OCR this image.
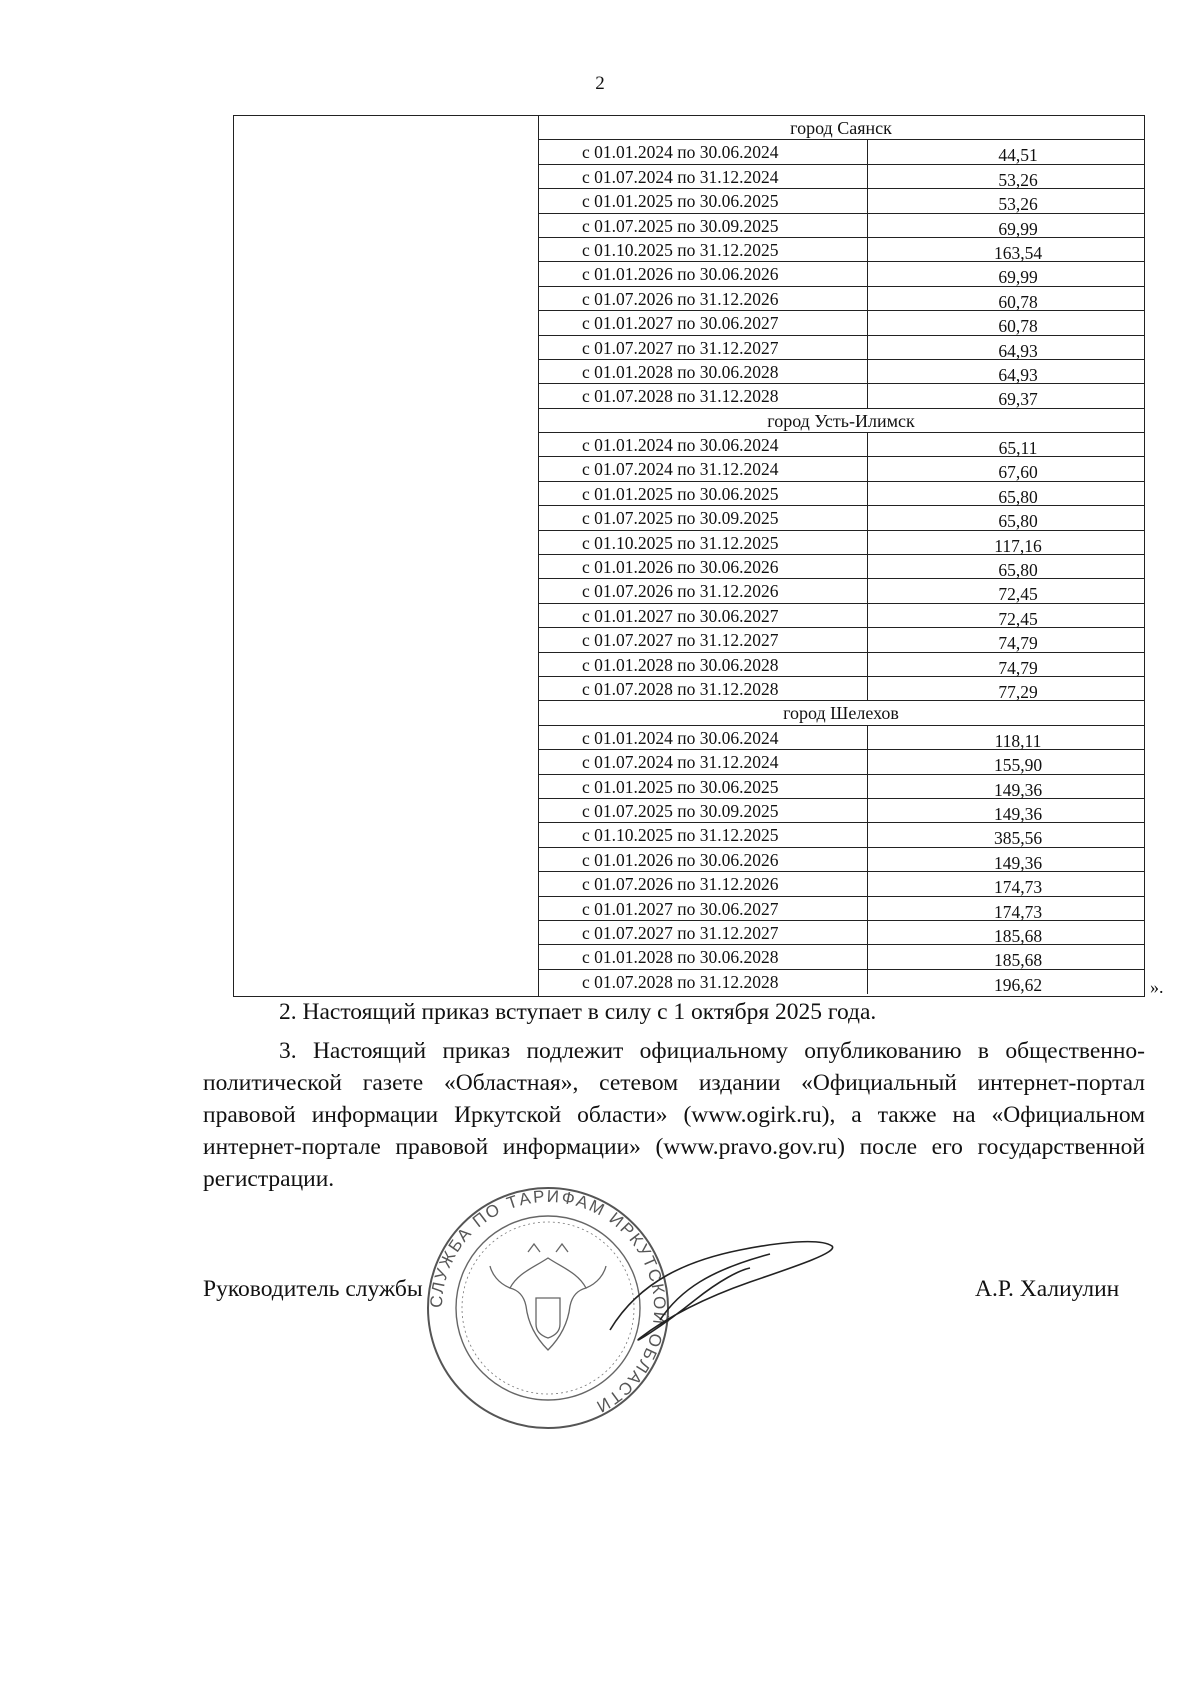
2
город Саянск
с 01.01.2024 по 30.06.2024	44,51
с 01.07.2024 по 31.12.2024	53,26
с 01.01.2025 по 30.06.2025	53,26
с 01.07.2025 по 30.09.2025	69,99
с 01.10.2025 по 31.12.2025	163,54
с 01.01.2026 по 30.06.2026	69,99
с 01.07.2026 по 31.12.2026	60,78
с 01.01.2027 по 30.06.2027	60,78
с 01.07.2027 по 31.12.2027	64,93
с 01.01.2028 по 30.06.2028	64,93
с 01.07.2028 по 31.12.2028	69,37
город Усть-Илимск
с 01.01.2024 по 30.06.2024	65,11
с 01.07.2024 по 31.12.2024	67,60
с 01.01.2025 по 30.06.2025	65,80
с 01.07.2025 по 30.09.2025	65,80
с 01.10.2025 по 31.12.2025	117,16
с 01.01.2026 по 30.06.2026	65,80
с 01.07.2026 по 31.12.2026	72,45
с 01.01.2027 по 30.06.2027	72,45
с 01.07.2027 по 31.12.2027	74,79
с 01.01.2028 по 30.06.2028	74,79
с 01.07.2028 по 31.12.2028	77,29
город Шелехов
с 01.01.2024 по 30.06.2024	118,11
с 01.07.2024 по 31.12.2024	155,90
с 01.01.2025 по 30.06.2025	149,36
с 01.07.2025 по 30.09.2025	149,36
с 01.10.2025 по 31.12.2025	385,56
с 01.01.2026 по 30.06.2026	149,36
с 01.07.2026 по 31.12.2026	174,73
с 01.01.2027 по 30.06.2027	174,73
с 01.07.2027 по 31.12.2027	185,68
с 01.01.2028 по 30.06.2028	185,68
с 01.07.2028 по 31.12.2028	196,62	».
2. Настоящий приказ вступает в силу с 1 октября 2025 года.
3. Настоящий приказ подлежит официальному опубликованию в общественно-политической газете «Областная», сетевом издании «Официальный интернет-портал правовой информации Иркутской области» (www.ogirk.ru), а также на «Официальном интернет-портале правовой информации» (www.pravo.gov.ru) после его государственной регистрации.
СЛУЖБА ПО ТАРИФАМ ИРКУТСКОЙ ОБЛАСТИ
Руководитель службы	А.Р. Халиулин
